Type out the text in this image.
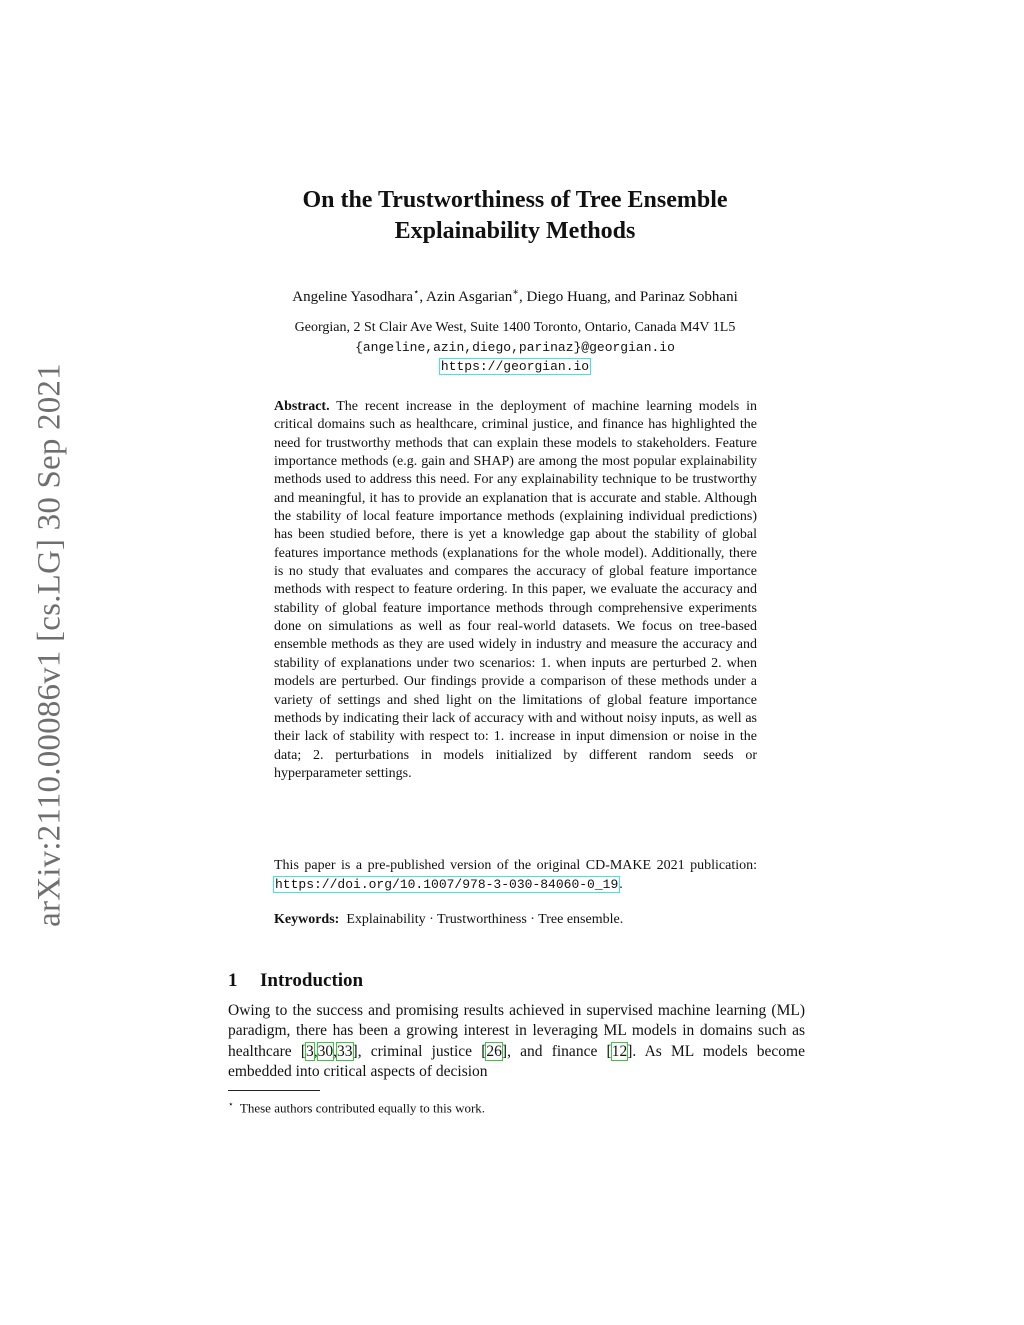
arXiv:2110.00086v1 [cs.LG] 30 Sep 2021
On the Trustworthiness of Tree Ensemble
Explainability Methods
Angeline Yasodhara⋆, Azin Asgarian∗, Diego Huang, and Parinaz Sobhani
Georgian, 2 St Clair Ave West, Suite 1400 Toronto, Ontario, Canada M4V 1L5
{angeline,azin,diego,parinaz}@georgian.io
https://georgian.io
Abstract. The recent increase in the deployment of machine learning models in critical domains such as healthcare, criminal justice, and finance has highlighted the need for trustworthy methods that can explain these models to stakeholders. Feature importance methods (e.g. gain and SHAP) are among the most popular explainability methods used to address this need. For any explainability technique to be trustworthy and meaningful, it has to provide an explanation that is accurate and stable. Although the stability of local feature importance methods (explaining individual predictions) has been studied before, there is yet a knowledge gap about the stability of global features importance methods (explanations for the whole model). Additionally, there is no study that evaluates and compares the accuracy of global feature importance methods with respect to feature ordering. In this paper, we evaluate the accuracy and stability of global feature importance methods through comprehensive experiments done on simulations as well as four real-world datasets. We focus on tree-based ensemble methods as they are used widely in industry and measure the accuracy and stability of explanations under two scenarios: 1. when inputs are perturbed 2. when models are perturbed. Our findings provide a comparison of these methods under a variety of settings and shed light on the limitations of global feature importance methods by indicating their lack of accuracy with and without noisy inputs, as well as their lack of stability with respect to: 1. increase in input dimension or noise in the data; 2. perturbations in models initialized by different random seeds or hyperparameter settings.
This paper is a pre-published version of the original CD-MAKE 2021 publication: https://doi.org/10.1007/978-3-030-84060-0_19.
Keywords: Explainability · Trustworthiness · Tree ensemble.
1 Introduction
Owing to the success and promising results achieved in supervised machine learning (ML) paradigm, there has been a growing interest in leveraging ML models in domains such as healthcare [3,30,33], criminal justice [26], and finance [12]. As ML models become embedded into critical aspects of decision
⋆ These authors contributed equally to this work.
